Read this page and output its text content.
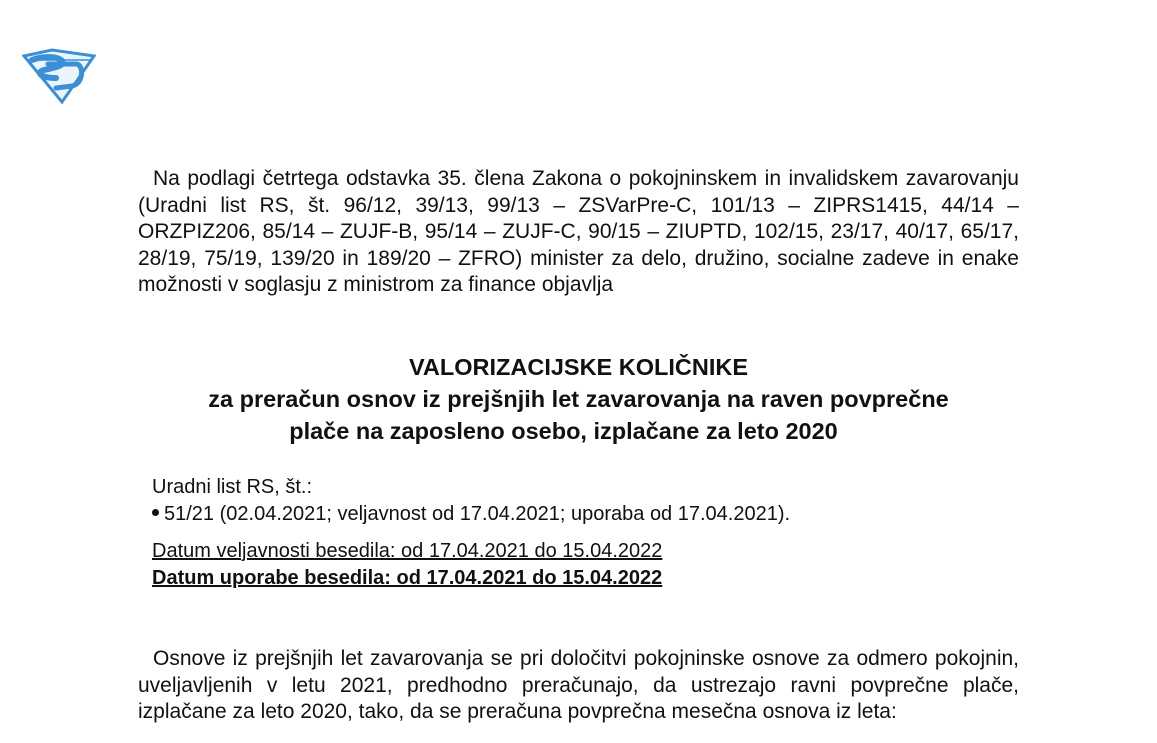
Na podlagi četrtega odstavka 35. člena Zakona o pokojninskem in invalidskem zavarovanju (Uradni list RS, št. 96/12, 39/13, 99/13 – ZSVarPre-C, 101/13 – ZIPRS1415, 44/14 – ORZPIZ206, 85/14 – ZUJF-B, 95/14 – ZUJF-C, 90/15 – ZIUPTD, 102/15, 23/17, 40/17, 65/17, 28/19, 75/19, 139/20 in 189/20 – ZFRO) minister za delo, družino, socialne zadeve in enake možnosti v soglasju z ministrom za finance objavlja

VALORIZACIJSKE KOLIČNIKE
za preračun osnov iz prejšnjih let zavarovanja na raven povprečne
plače na zaposleno osebo, izplačane za leto 2020
Uradni list RS, št.:
51/21 (02.04.2021; veljavnost od 17.04.2021; uporaba od 17.04.2021).
Datum veljavnosti besedila: od 17.04.2021 do 15.04.2022
Datum uporabe besedila: od 17.04.2021 do 15.04.2022

Osnove iz prejšnjih let zavarovanja se pri določitvi pokojninske osnove za odmero pokojnin, uveljavljenih v letu 2021, predhodno preračunajo, da ustrezajo ravni povprečne plače, izplačane za leto 2020, tako, da se preračuna povprečna mesečna osnova iz leta:
